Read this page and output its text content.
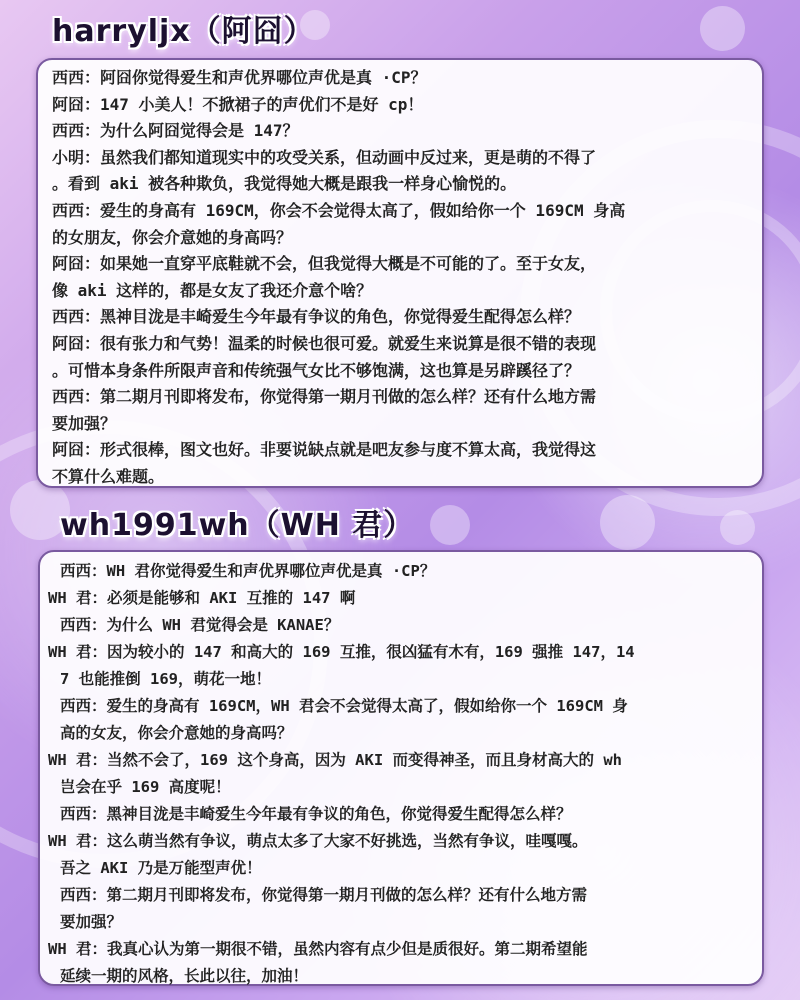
harryljx（阿囧）
西西：阿囧你觉得爱生和声优界哪位声优是真 ·CP？
阿囧：147 小美人！不掀裙子的声优们不是好 cp！
西西：为什么阿囧觉得会是 147？
小明：虽然我们都知道现实中的攻受关系，但动画中反过来，更是萌的不得了
。看到 aki 被各种欺负，我觉得她大概是跟我一样身心愉悦的。
西西：爱生的身高有 169CM，你会不会觉得太高了，假如给你一个 169CM 身高
的女朋友，你会介意她的身高吗？
阿囧：如果她一直穿平底鞋就不会，但我觉得大概是不可能的了。至于女友，
像 aki 这样的，都是女友了我还介意个啥？
西西：黑神目泷是丰崎爱生今年最有争议的角色，你觉得爱生配得怎么样？
阿囧：很有张力和气势！温柔的时候也很可爱。就爱生来说算是很不错的表现
。可惜本身条件所限声音和传统强气女比不够饱满，这也算是另辟蹊径了？
西西：第二期月刊即将发布，你觉得第一期月刊做的怎么样？还有什么地方需
要加强？
阿囧：形式很棒，图文也好。非要说缺点就是吧友参与度不算太高，我觉得这
不算什么难题。
wh1991wh（WH 君）
西西：WH 君你觉得爱生和声优界哪位声优是真 ·CP？
WH 君：必须是能够和 AKI 互推的 147 啊
西西：为什么 WH 君觉得会是 KANAE？
WH 君：因为较小的 147 和高大的 169 互推，很凶猛有木有，169 强推 147，14
7 也能推倒 169，萌花一地！
西西：爱生的身高有 169CM，WH 君会不会觉得太高了，假如给你一个 169CM 身
高的女友，你会介意她的身高吗？
WH 君：当然不会了，169 这个身高，因为 AKI 而变得神圣，而且身材高大的 wh
岂会在乎 169 高度呢！
西西：黑神目泷是丰崎爱生今年最有争议的角色，你觉得爱生配得怎么样？
WH 君：这么萌当然有争议，萌点太多了大家不好挑选，当然有争议，哇嘎嘎。
吾之 AKI 乃是万能型声优！
西西：第二期月刊即将发布，你觉得第一期月刊做的怎么样？还有什么地方需
要加强？
WH 君：我真心认为第一期很不错，虽然内容有点少但是质很好。第二期希望能
延续一期的风格，长此以往，加油！
